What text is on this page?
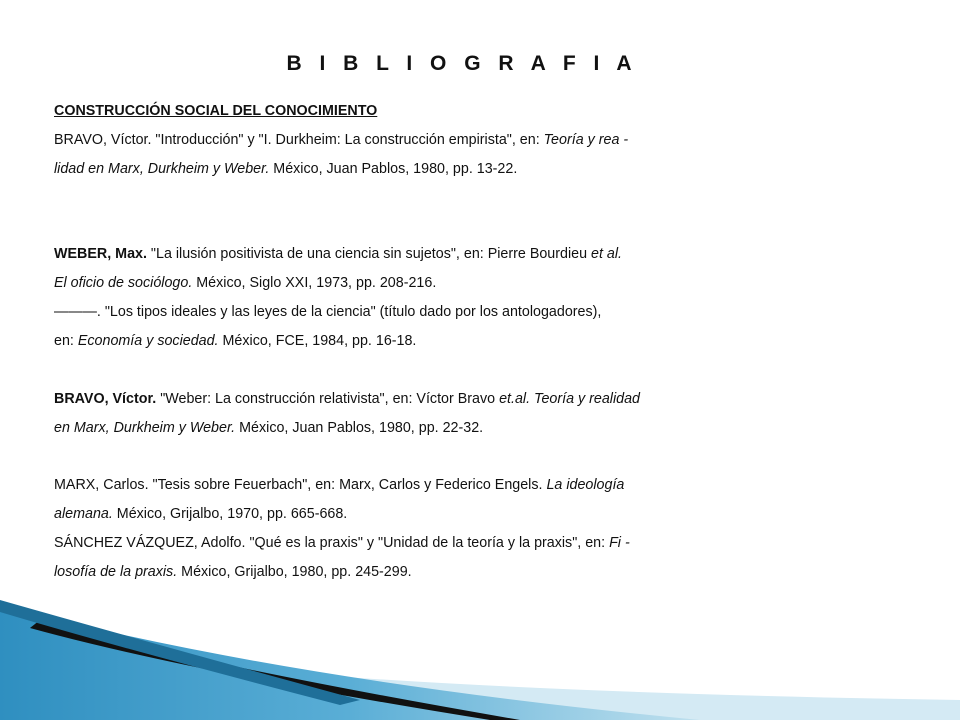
B I B L I O G R A F I A

CONSTRUCCIÓN SOCIAL DEL CONOCIMIENTO

BRAVO, Víctor. "Introducción" y "I. Durkheim: La construcción empirista", en: Teoría y rea -

lidad en Marx, Durkheim y Weber. México, Juan Pablos, 1980, pp. 13-22.

WEBER, Max. "La ilusión positivista de una ciencia sin sujetos", en: Pierre Bourdieu et al.

El oficio de sociólogo. México, Siglo XXI, 1973, pp. 208-216.

———. "Los tipos ideales y las leyes de la ciencia" (título dado por los antologadores),

en: Economía y sociedad. México, FCE, 1984, pp. 16-18.

BRAVO, Víctor. "Weber: La construcción relativista", en: Víctor Bravo et.al. Teoría y realidad

en Marx, Durkheim y Weber. México, Juan Pablos, 1980, pp. 22-32.

MARX, Carlos. "Tesis sobre Feuerbach", en: Marx, Carlos y Federico Engels. La ideología

alemana. México, Grijalbo, 1970, pp. 665-668.

SÁNCHEZ VÁZQUEZ, Adolfo. "Qué es la praxis" y "Unidad de la teoría y la praxis", en: Fi -

losofía de la praxis. México, Grijalbo, 1980, pp. 245-299.
